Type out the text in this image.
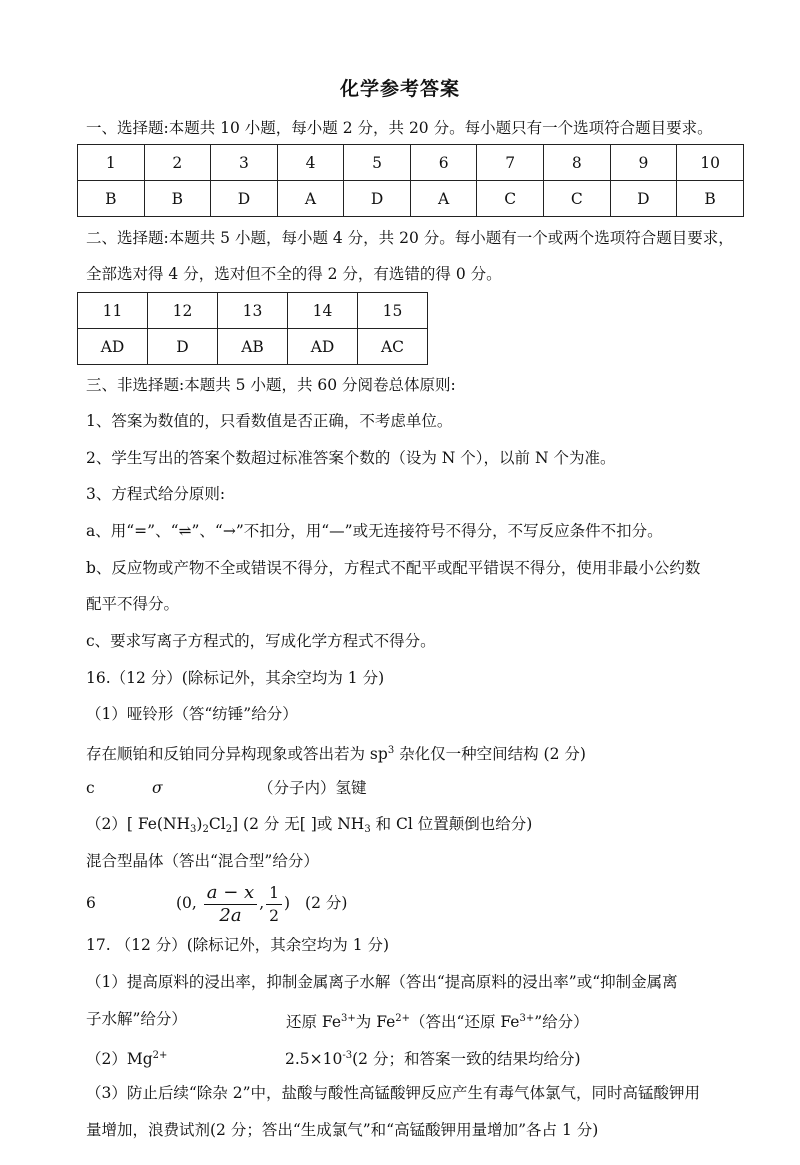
化学参考答案
一、选择题:本题共 10 小题，每小题 2 分，共 20 分。每小题只有一个选项符合题目要求。
1	2	3	4	5	6	7	8	9	10
B	B	D	A	D	A	C	C	D	B
二、选择题:本题共 5 小题，每小题 4 分，共 20 分。每小题有一个或两个选项符合题目要求，
全部选对得 4 分，选对但不全的得 2 分，有选错的得 0 分。
11	12	13	14	15
AD	D	AB	AD	AC
三、非选择题:本题共 5 小题，共 60 分阅卷总体原则:
1、答案为数值的，只看数值是否正确，不考虑单位。
2、学生写出的答案个数超过标准答案个数的（设为 N 个），以前 N 个为准。
3、方程式给分原则:
a、用“=”、“⇌”、“→”不扣分，用“—”或无连接符号不得分，不写反应条件不扣分。
b、反应物或产物不全或错误不得分，方程式不配平或配平错误不得分，使用非最小公约数
配平不得分。
c、要求写离子方程式的，写成化学方程式不得分。
16.（12 分）(除标记外，其余空均为 1 分)
（1）哑铃形（答“纺锤”给分）
存在顺铂和反铂同分异构现象或答出若为 $sp^3$ 杂化仅一种空间结构 (2 分)
c	σ	（分子内）氢键
（2）[ $Fe(NH_3)_2Cl_2$] (2 分 无[ ]或 $NH_3$ 和 Cl 位置颠倒也给分)
混合型晶体（答出“混合型”给分）
6	(0, $\frac{a - x}{2a}$ , $\frac{1}{2}$ ) (2 分)
17. （12 分）(除标记外，其余空均为 1 分)
（1）提高原料的浸出率，抑制金属离子水解（答出“提高原料的浸出率”或“抑制金属离
子水解”给分）	还原 $Fe^{3+}$为 $Fe^{2+}$（答出“还原 $Fe^{3+}$”给分）
$(2)Mg^{2+}$	$2.5\times 10^{-3}(2$ 分；和答案一致的结果均给分)
（3）防止后续“除杂 2”中，盐酸与酸性高锰酸钾反应产生有毒气体氯气，同时高锰酸钾用
量增加，浪费试剂(2 分；答出“生成氯气”和“高锰酸钾用量增加”各占 1 分)
